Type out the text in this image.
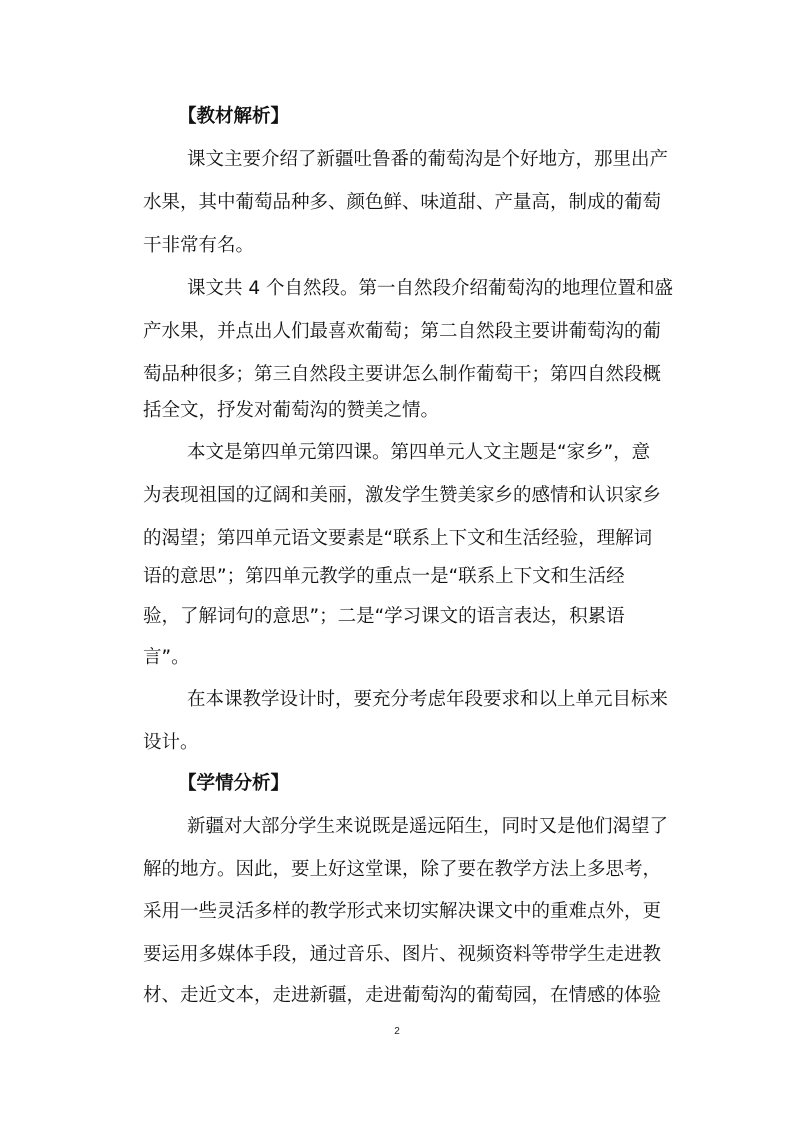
【教材解析】
课文主要介绍了新疆吐鲁番的葡萄沟是个好地方，那里出产
水果，其中葡萄品种多、颜色鲜、味道甜、产量高，制成的葡萄
干非常有名。
课文共 4 个自然段。第一自然段介绍葡萄沟的地理位置和盛
产水果，并点出人们最喜欢葡萄；第二自然段主要讲葡萄沟的葡
萄品种很多；第三自然段主要讲怎么制作葡萄干；第四自然段概
括全文，抒发对葡萄沟的赞美之情。
本文是第四单元第四课。第四单元人文主题是“家乡”，意
为表现祖国的辽阔和美丽，激发学生赞美家乡的感情和认识家乡
的渴望；第四单元语文要素是“联系上下文和生活经验，理解词
语的意思”；第四单元教学的重点一是“联系上下文和生活经
验，了解词句的意思”；二是“学习课文的语言表达，积累语
言”。
在本课教学设计时，要充分考虑年段要求和以上单元目标来
设计。
【学情分析】
新疆对大部分学生来说既是遥远陌生，同时又是他们渴望了
解的地方。因此，要上好这堂课，除了要在教学方法上多思考，
采用一些灵活多样的教学形式来切实解决课文中的重难点外，更
要运用多媒体手段，通过音乐、图片、视频资料等带学生走进教
材、走近文本，走进新疆，走进葡萄沟的葡萄园，在情感的体验
2
